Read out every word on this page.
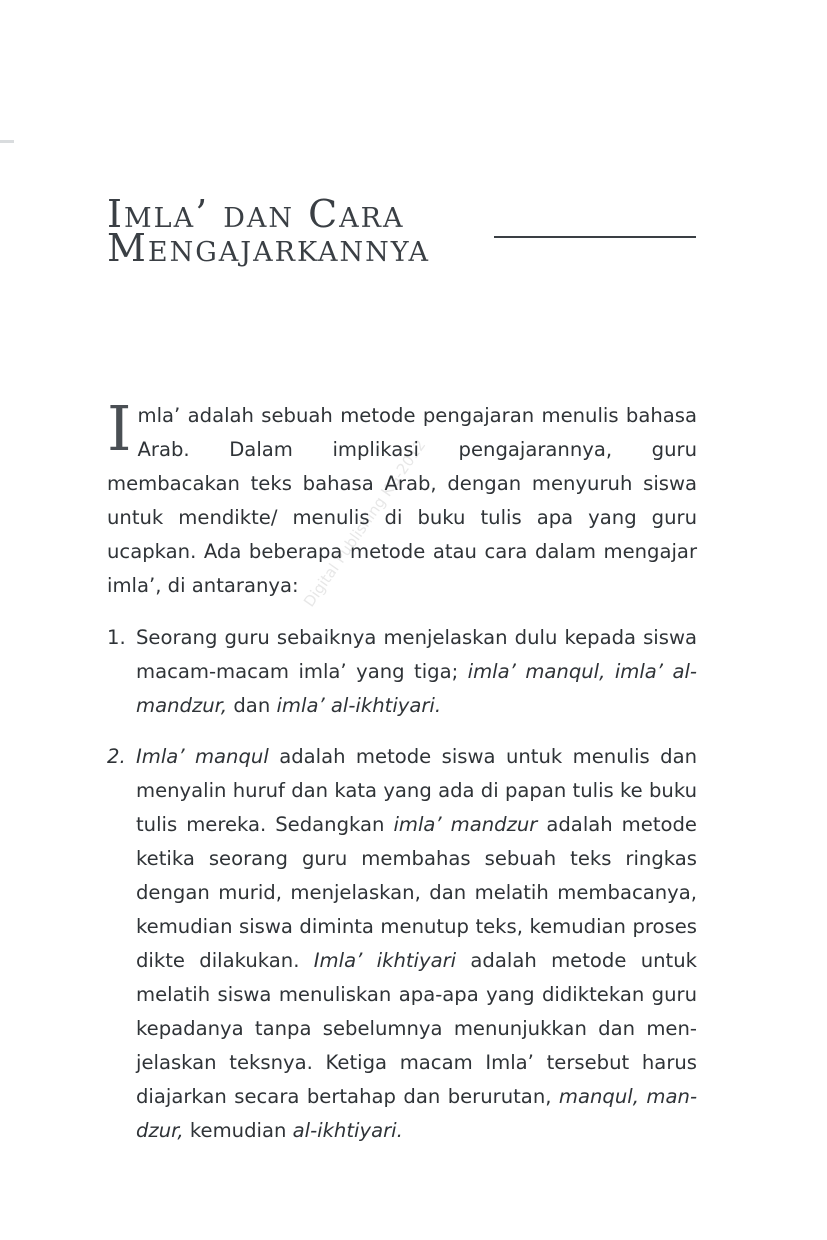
Imla’ dan Cara
Mengajarkannya
Digital Publishing KG-2012

Imla’ adalah sebuah metode pengajaran menulis bahasa Arab. Dalam implikasi pengajarannya, guru membacakan teks bahasa Arab, dengan menyuruh siswa untuk mendikte/ menulis di buku tulis apa yang guru ucapkan. Ada beberapa metode atau cara dalam mengajar imla’, di antaranya:

1. Seorang guru sebaiknya menjelaskan dulu kepada siswa macam-macam imla’ yang tiga; imla’ manqul, imla’ al-mandzur, dan imla’ al-ikhtiyari.
2. Imla’ manqul adalah metode siswa untuk menulis dan menyalin huruf dan kata yang ada di papan tulis ke buku tulis mereka. Sedangkan imla’ mandzur adalah metode ketika seorang guru membahas sebuah teks ringkas dengan murid, menjelaskan, dan melatih membacanya, kemudian siswa diminta menutup teks, kemudian proses dikte dilakukan. Imla’ ikhtiyari adalah metode untuk melatih siswa menuliskan apa-apa yang didiktekan guru kepadanya tanpa sebelumnya menunjukkan dan menjelaskan teksnya. Ketiga macam Imla’ tersebut harus diajarkan secara bertahap dan berurutan, manqul, mandzur, kemudian al-ikhtiyari.
